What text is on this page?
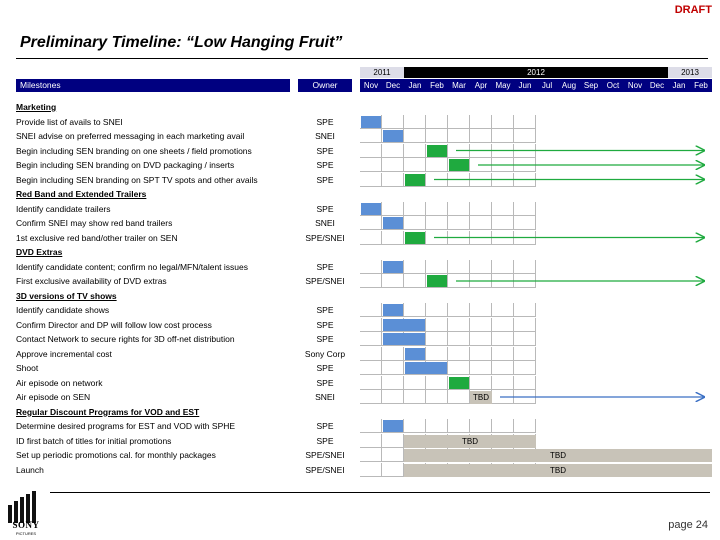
DRAFT
Preliminary Timeline: “Low Hanging Fruit”
Milestones	Owner
2011	2012	2013
Nov Dec	Jan	Feb	Mar	Apr	May Jun	Jul	Aug Sep	Oct	Nov Dec	Jan	Feb
Marketing
Provide list of avails to SNEI	SPE
SNEI advise on preferred messaging in each marketing avail	SNEI
Begin including SEN branding on one sheets / field promotions	SPE
Begin including SEN branding on DVD packaging / inserts	SPE
Begin including SEN branding on SPT TV spots and other avails	SPE
Red Band and Extended Trailers
Identify candidate trailers	SPE
Confirm SNEI may show red band trailers	SNEI
1st exclusive red band/other trailer on SEN	SPE/SNEI
DVD Extras
Identify candidate content; confirm no legal/MFN/talent issues	SPE
First exclusive availability of DVD extras	SPE/SNEI
3D versions of TV shows
Identify candidate shows	SPE
Confirm Director and DP will follow low cost process	SPE
Contact Network to secure rights for 3D off-net distribution	SPE
Approve incremental cost	Sony Corp
Shoot	SPE
Air episode on network	SPE
Air episode on SEN	SNEI	TBD
Regular Discount Programs for VOD and EST
Determine desired programs for EST and VOD with SPHE	SPE
ID first batch of titles for initial promotions	SPE	TBD
Set up periodic promotions cal. for monthly packages	SPE/SNEI	TBD
Launch	SPE/SNEI	TBD
SONY
PICTURES
page 24
